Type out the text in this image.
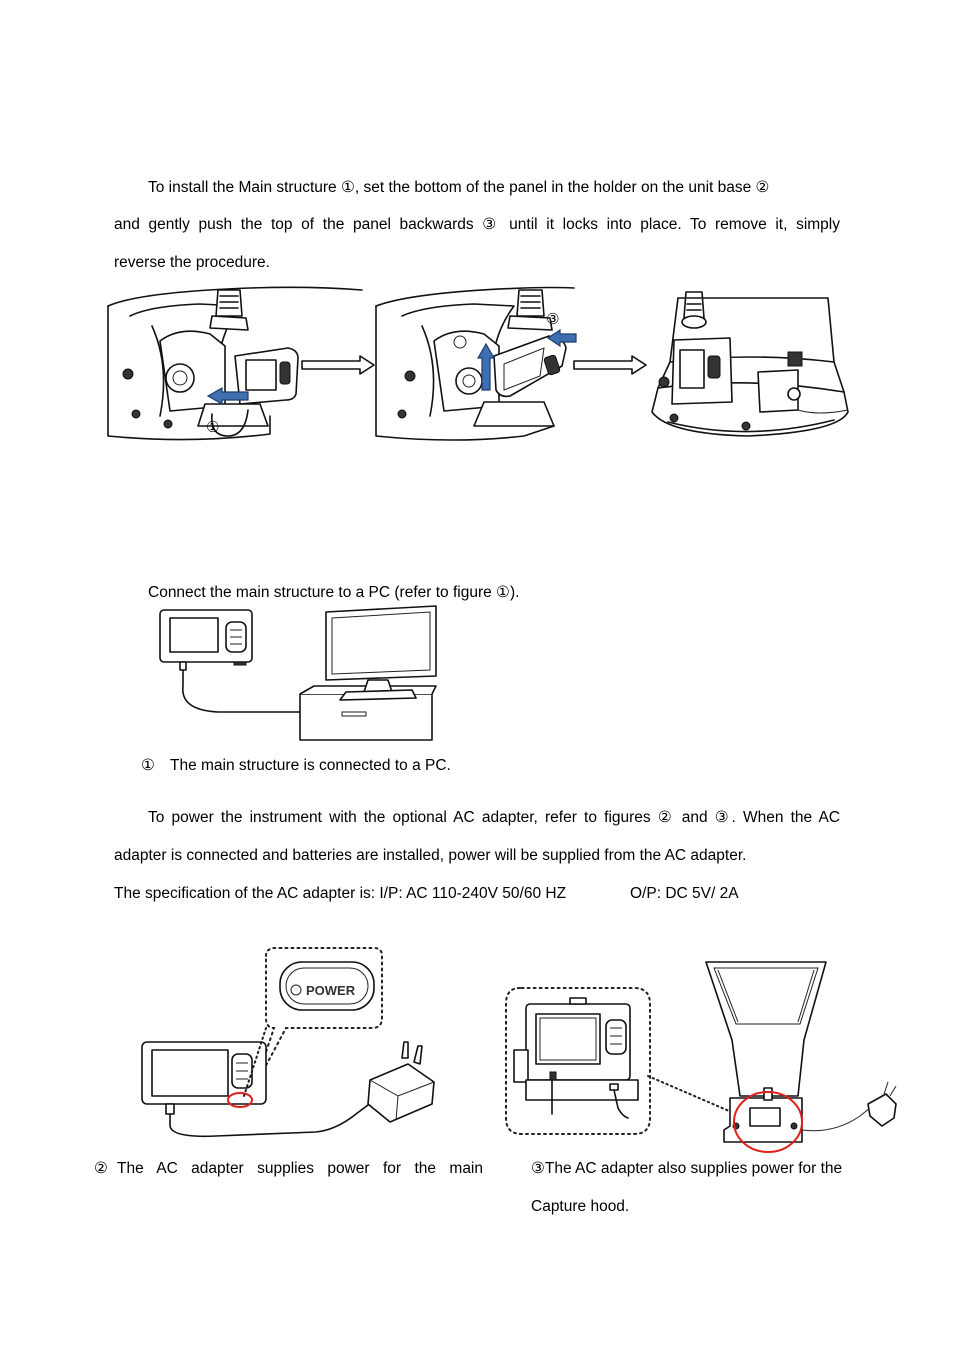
To install the Main structure ①, set the bottom of the panel in the holder on the unit base ②
and gently push the top of the panel backwards ③ until it locks into place. To remove it, simply
reverse the procedure.
①
③
Connect the main structure to a PC (refer to figure ①).
① The main structure is connected to a PC.
To power the instrument with the optional AC adapter, refer to figures ② and ③. When the AC
adapter is connected and batteries are installed, power will be supplied from the AC adapter.
The specification of the AC adapter is: I/P: AC 110-240V 50/60 HZ	O/P: DC 5V/ 2A
POWER
②The AC adapter supplies power for the main	③The AC adapter also supplies power for the
Capture hood.
